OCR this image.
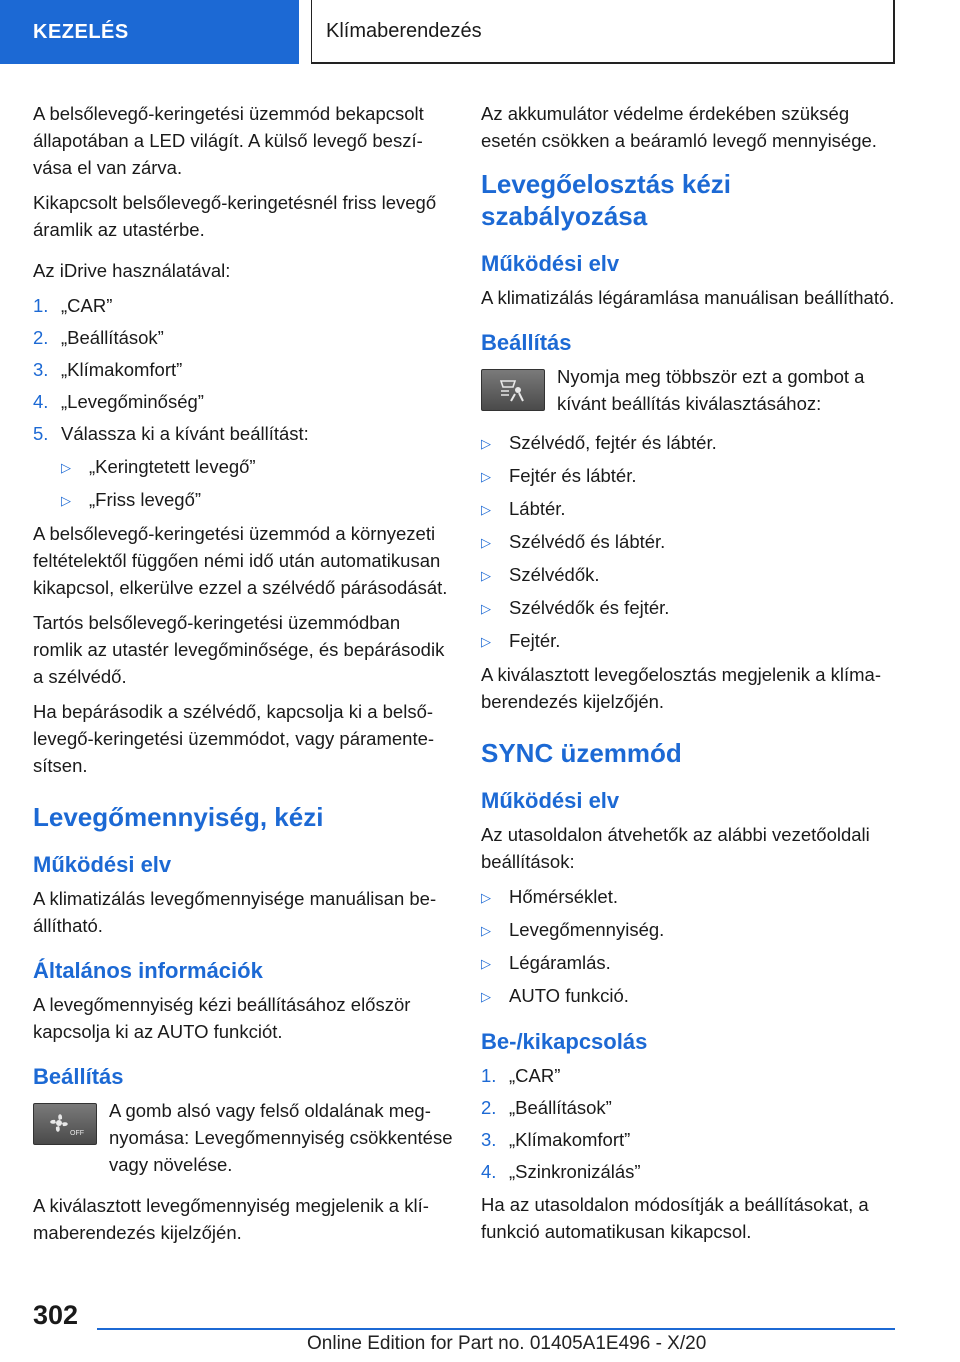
KEZELÉS	Klímaberendezés

A belsőlevegő-keringetési üzemmód bekapcsolt állapotában a LED világít. A külső levegő beszívása el van zárva.

Kikapcsolt belsőlevegő-keringetésnél friss levegő áramlik az utastérbe.

Az iDrive használatával:

1. „CAR”
2. „Beállítások”
3. „Klímakomfort”
4. „Levegőminőség”
5. Válassza ki a kívánt beállítást:
▷ „Keringtetett levegő”
▷ „Friss levegő”

A belsőlevegő-keringetési üzemmód a környezeti feltételektől függően némi idő után automatikusan kikapcsol, elkerülve ezzel a szélvédő párásodását.

Tartós belsőlevegő-keringetési üzemmódban romlik az utastér levegőminősége, és bepárásodik a szélvédő.

Ha bepárásodik a szélvédő, kapcsolja ki a belsőlevegő-keringetési üzemmódot, vagy páramentesítsen.

Levegőmennyiség, kézi
Működési elv

A klimatizálás levegőmennyisége manuálisan beállítható.

Általános információk

A levegőmennyiség kézi beállításához először kapcsolja ki az AUTO funkciót.

Beállítás
OFF

A gomb alsó vagy felső oldalának megnyomása: Levegőmennyiség csökkentése vagy növelése.

A kiválasztott levegőmennyiség megjelenik a klímaberendezés kijelzőjén.

Az akkumulátor védelme érdekében szükség esetén csökken a beáramló levegő mennyisége.

Levegőelosztás kézi szabályozása
Működési elv

A klimatizálás légáramlása manuálisan beállítható.

Beállítás

Nyomja meg többször ezt a gombot a kívánt beállítás kiválasztásához:

▷ Szélvédő, fejtér és lábtér.
▷ Fejtér és lábtér.
▷ Lábtér.
▷ Szélvédő és lábtér.
▷ Szélvédők.
▷ Szélvédők és fejtér.
▷ Fejtér.

A kiválasztott levegőelosztás megjelenik a klímaberendezés kijelzőjén.

SYNC üzemmód
Működési elv

Az utasoldalon átvehetők az alábbi vezetőoldali beállítások:

▷ Hőmérséklet.
▷ Levegőmennyiség.
▷ Légáramlás.
▷ AUTO funkció.
Be-/kikapcsolás
1. „CAR”
2. „Beállítások”
3. „Klímakomfort”
4. „Szinkronizálás”

Ha az utasoldalon módosítják a beállításokat, a funkció automatikusan kikapcsol.

302
Online Edition for Part no. 01405A1E496 - X/20
